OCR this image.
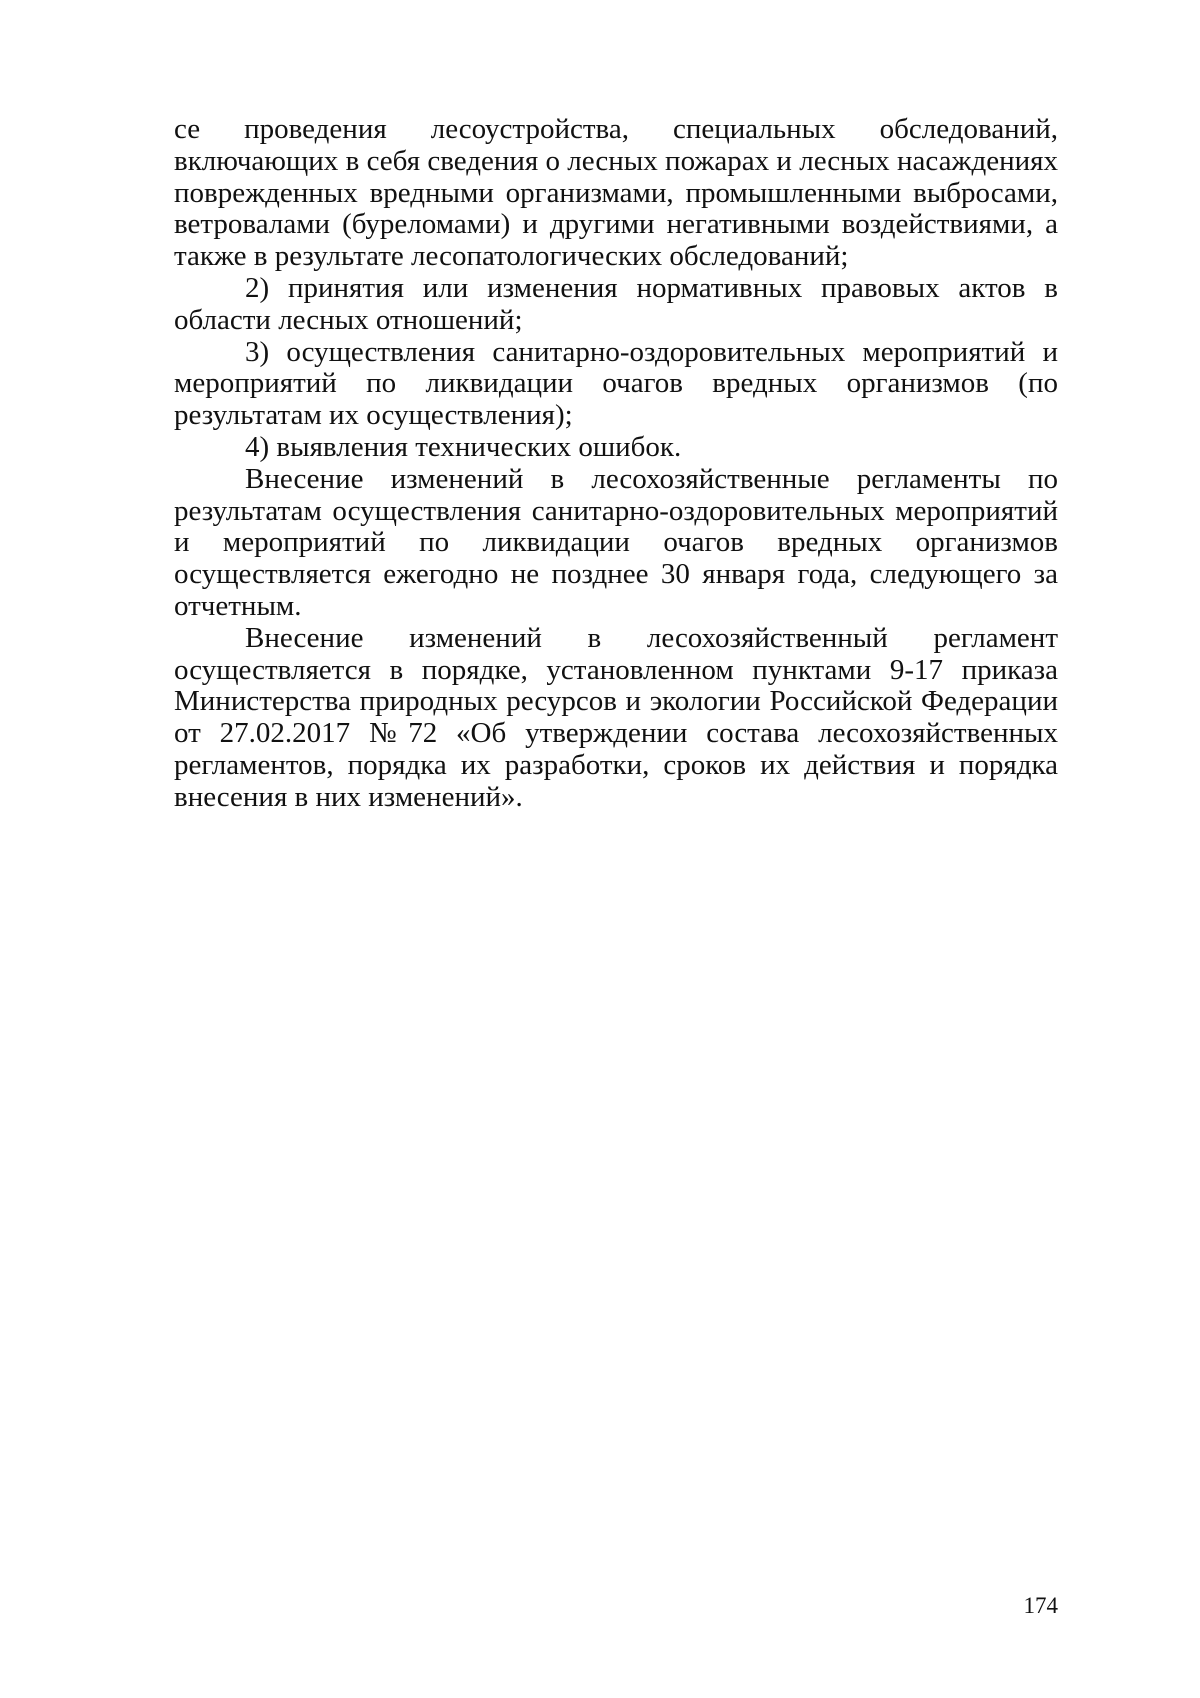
се проведения лесоустройства, специальных обследований, включающих в себя сведения о лесных пожарах и лесных насаждениях поврежденных вредными организмами, промышленными выбросами, ветровалами (буреломами) и другими негативными воздействиями, а также в результате лесопатологических обследований;

2) принятия или изменения нормативных правовых актов в области лесных отношений;

3) осуществления санитарно-оздоровительных мероприятий и мероприятий по ликвидации очагов вредных организмов (по результатам их осуществления);

4) выявления технических ошибок.

Внесение изменений в лесохозяйственные регламенты по результатам осуществления санитарно-оздоровительных мероприятий и мероприятий по ликвидации очагов вредных организмов осуществляется ежегодно не позднее 30 января года, следующего за отчетным.

Внесение изменений в лесохозяйственный регламент осуществляется в порядке, установленном пунктами 9-17 приказа Министерства природных ресурсов и экологии Российской Федерации от 27.02.2017 №72 «Об утверждении состава лесохозяйственных регламентов, порядка их разработки, сроков их действия и порядка внесения в них изменений».

174
